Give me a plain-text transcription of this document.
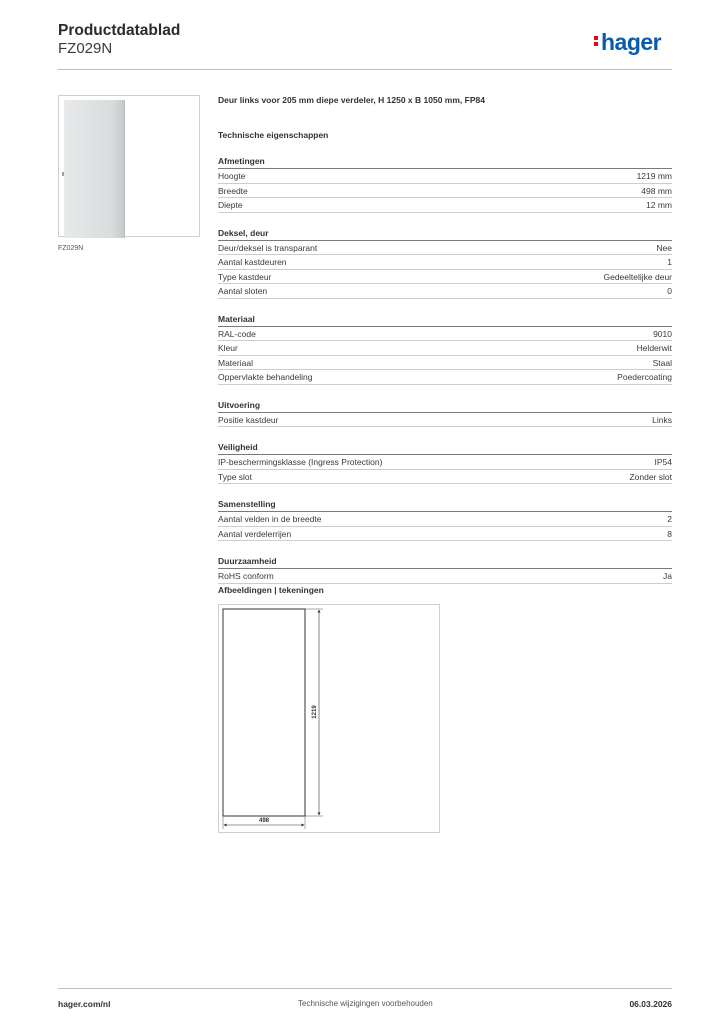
Productdatablad
FZ029N	hager
FZ029N
Deur links voor 205 mm diepe verdeler, H 1250 x B 1050 mm, FP84
Technische eigenschappen
Afmetingen
Hoogte	1219 mm
Breedte	498 mm
Diepte	12 mm
Deksel, deur
Deur/deksel is transparant	Nee
Aantal kastdeuren	1
Type kastdeur	Gedeeltelijke deur
Aantal sloten	0
Materiaal
RAL-code	9010
Kleur	Helderwit
Materiaal	Staal
Oppervlakte behandeling	Poedercoating
Uitvoering
Positie kastdeur	Links
Veiligheid
IP-beschermingsklasse (Ingress Protection)	IP54
Type slot	Zonder slot
Samenstelling
Aantal velden in de breedte	2
Aantal verdelerrijen	8
Duurzaamheid
RoHS conform	Ja
Afbeeldingen | tekeningen
1219
498
hager.com/nl	Technische wijzigingen voorbehouden	06.03.2026
